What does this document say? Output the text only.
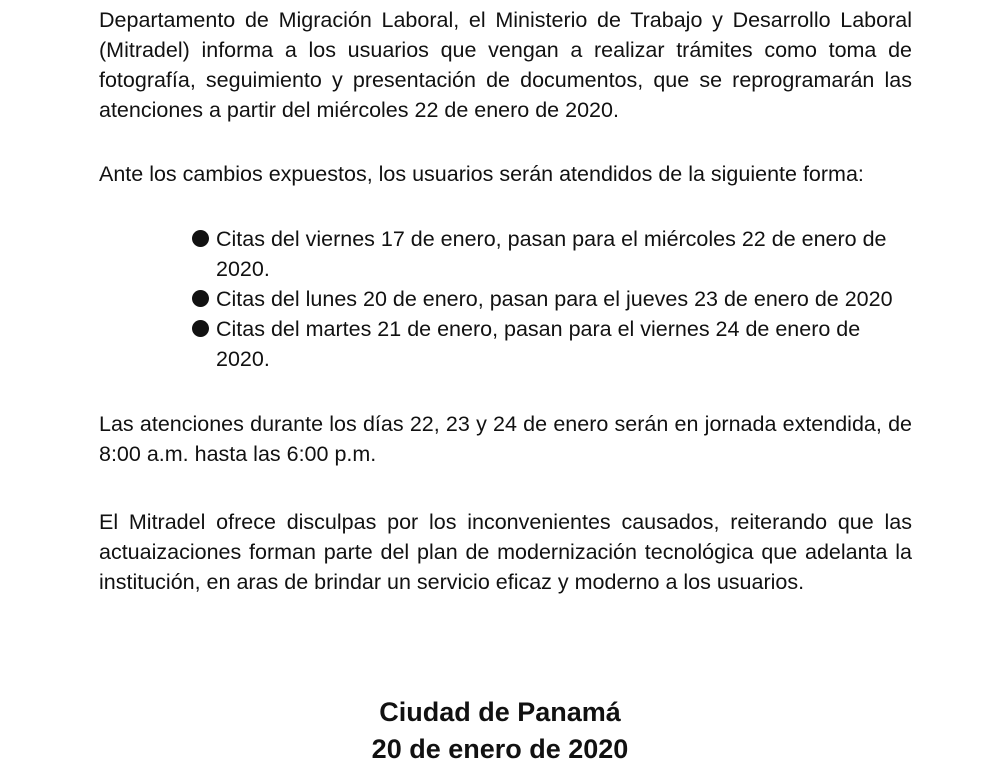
Departamento de Migración Laboral, el Ministerio de Trabajo y Desarrollo Laboral (Mitradel) informa a los usuarios que vengan a realizar trámites como toma de fotografía, seguimiento y presentación de documentos, que se reprogramarán las atenciones a partir del miércoles 22 de enero de 2020.

Ante los cambios expuestos, los usuarios serán atendidos de la siguiente forma:

Citas del viernes 17 de enero, pasan para el miércoles 22 de enero de 2020.
Citas del lunes 20 de enero, pasan para el jueves 23 de enero de 2020
Citas del martes 21 de enero, pasan para el viernes 24 de enero de 2020.

Las atenciones durante los días 22, 23 y 24 de enero serán en jornada extendida, de 8:00 a.m. hasta las 6:00 p.m.

El Mitradel ofrece disculpas por los inconvenientes causados, reiterando que las actuaizaciones forman parte del plan de modernización tecnológica que adelanta la institución, en aras de brindar un servicio eficaz y moderno a los usuarios.

Ciudad de Panamá

20 de enero de 2020
